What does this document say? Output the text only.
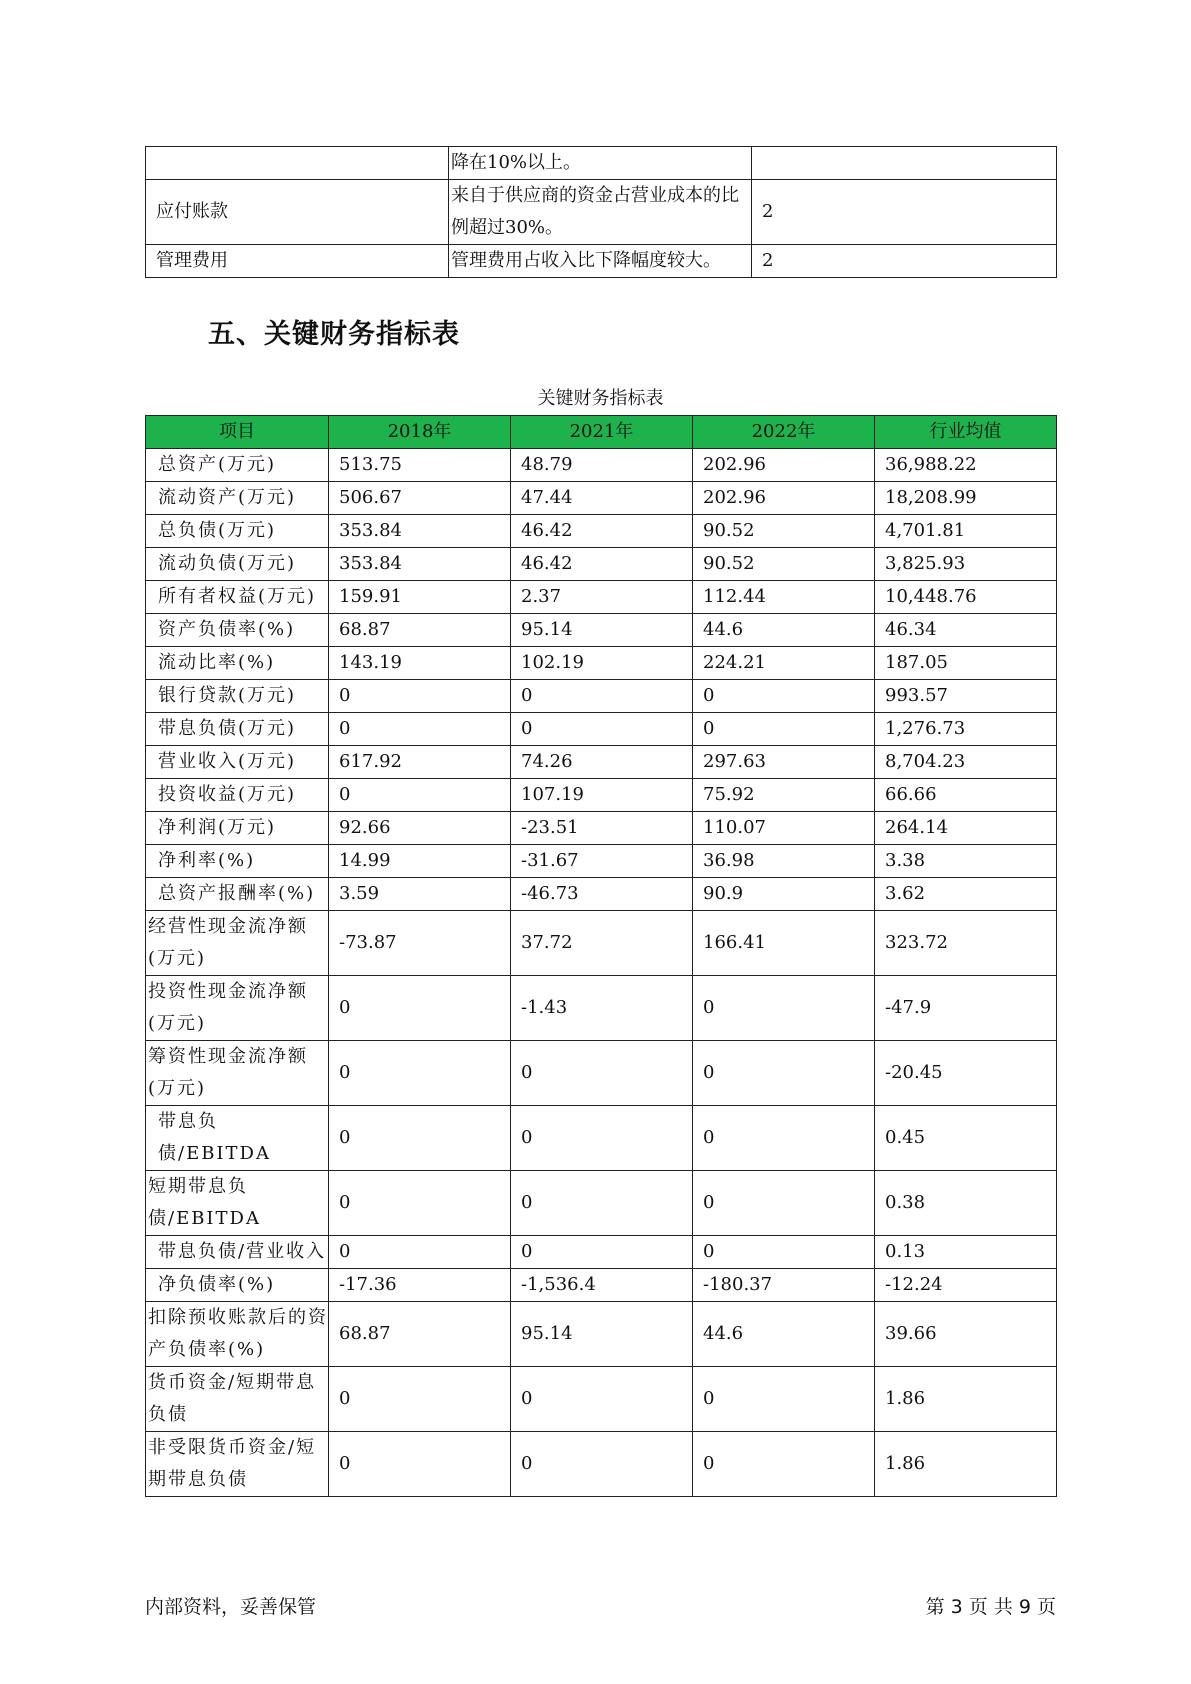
	降在10%以上。	
应付账款	来自于供应商的资金占营业成本的比例超过30%。	2
管理费用	管理费用占收入比下降幅度较大。	2
五、关键财务指标表
关键财务指标表
项目	2018年	2021年	2022年	行业均值
总资产(万元)	513.75	48.79	202.96	36,988.22
流动资产(万元)	506.67	47.44	202.96	18,208.99
总负债(万元)	353.84	46.42	90.52	4,701.81
流动负债(万元)	353.84	46.42	90.52	3,825.93
所有者权益(万元)	159.91	2.37	112.44	10,448.76
资产负债率(%)	68.87	95.14	44.6	46.34
流动比率(%)	143.19	102.19	224.21	187.05
银行贷款(万元)	0	0	0	993.57
带息负债(万元)	0	0	0	1,276.73
营业收入(万元)	617.92	74.26	297.63	8,704.23
投资收益(万元)	0	107.19	75.92	66.66
净利润(万元)	92.66	-23.51	110.07	264.14
净利率(%)	14.99	-31.67	36.98	3.38
总资产报酬率(%)	3.59	-46.73	90.9	3.62
经营性现金流净额(万元)	-73.87	37.72	166.41	323.72
投资性现金流净额(万元)	0	-1.43	0	-47.9
筹资性现金流净额(万元)	0	0	0	-20.45
带息负债/EBITDA	0	0	0	0.45
短期带息负债/EBITDA	0	0	0	0.38
带息负债/营业收入	0	0	0	0.13
净负债率(%)	-17.36	-1,536.4	-180.37	-12.24
扣除预收账款后的资产负债率(%)	68.87	95.14	44.6	39.66
货币资金/短期带息负债	0	0	0	1.86
非受限货币资金/短期带息负债	0	0	0	1.86
内部资料，妥善保管	第 3 页 共 9 页
